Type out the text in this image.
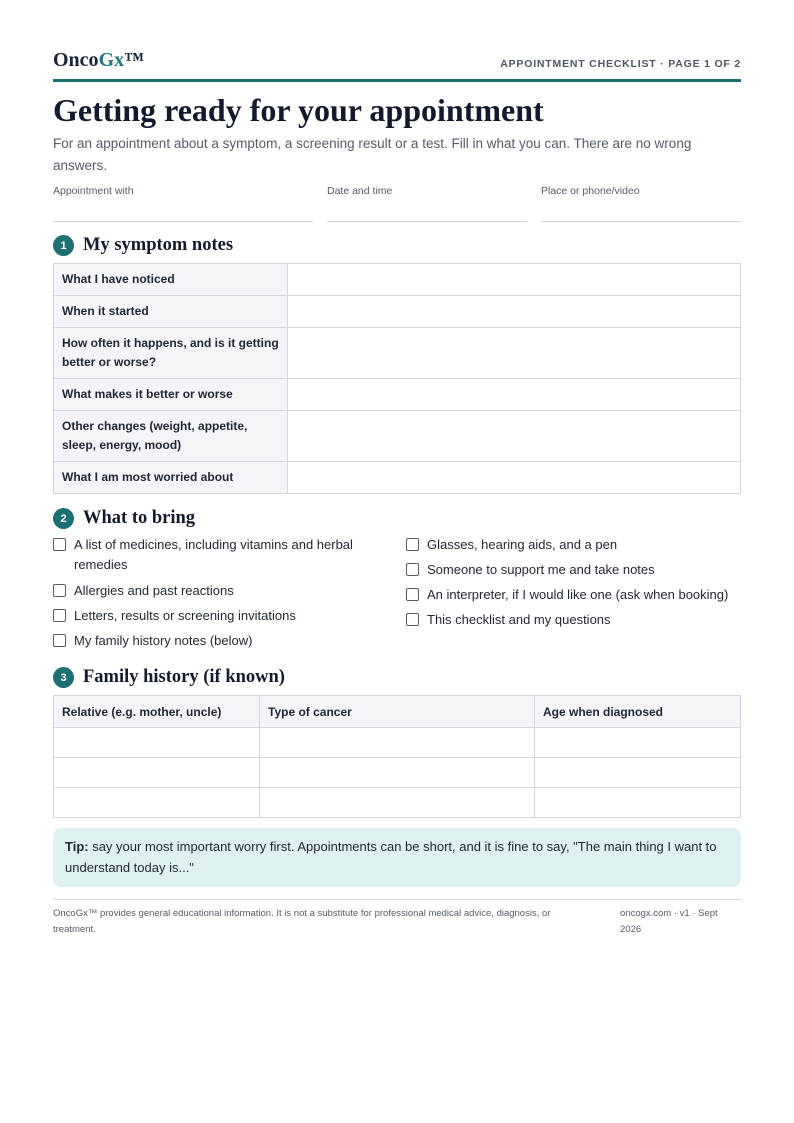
OncoGx™	APPOINTMENT CHECKLIST · PAGE 1 OF 2
Getting ready for your appointment
For an appointment about a symptom, a screening result or a test. Fill in what you can. There are no wrong answers.
Appointment with	Date and time	Place or phone/video
1 My symptom notes
What I have noticed	
When it started	
How often it happens, and is it getting better or worse?	
What makes it better or worse	
Other changes (weight, appetite, sleep, energy, mood)	
What I am most worried about	
2 What to bring
A list of medicines, including vitamins and herbal remedies
Allergies and past reactions
Letters, results or screening invitations
My family history notes (below)
Glasses, hearing aids, and a pen
Someone to support me and take notes
An interpreter, if I would like one (ask when booking)
This checklist and my questions
3 Family history (if known)
Relative (e.g. mother, uncle)	Type of cancer	Age when diagnosed

Tip: say your most important worry first. Appointments can be short, and it is fine to say, "The main thing I want to understand today is..."
OncoGx™ provides general educational information. It is not a substitute for professional medical advice, diagnosis, or treatment.
oncogx.com · v1 · Sept 2026
